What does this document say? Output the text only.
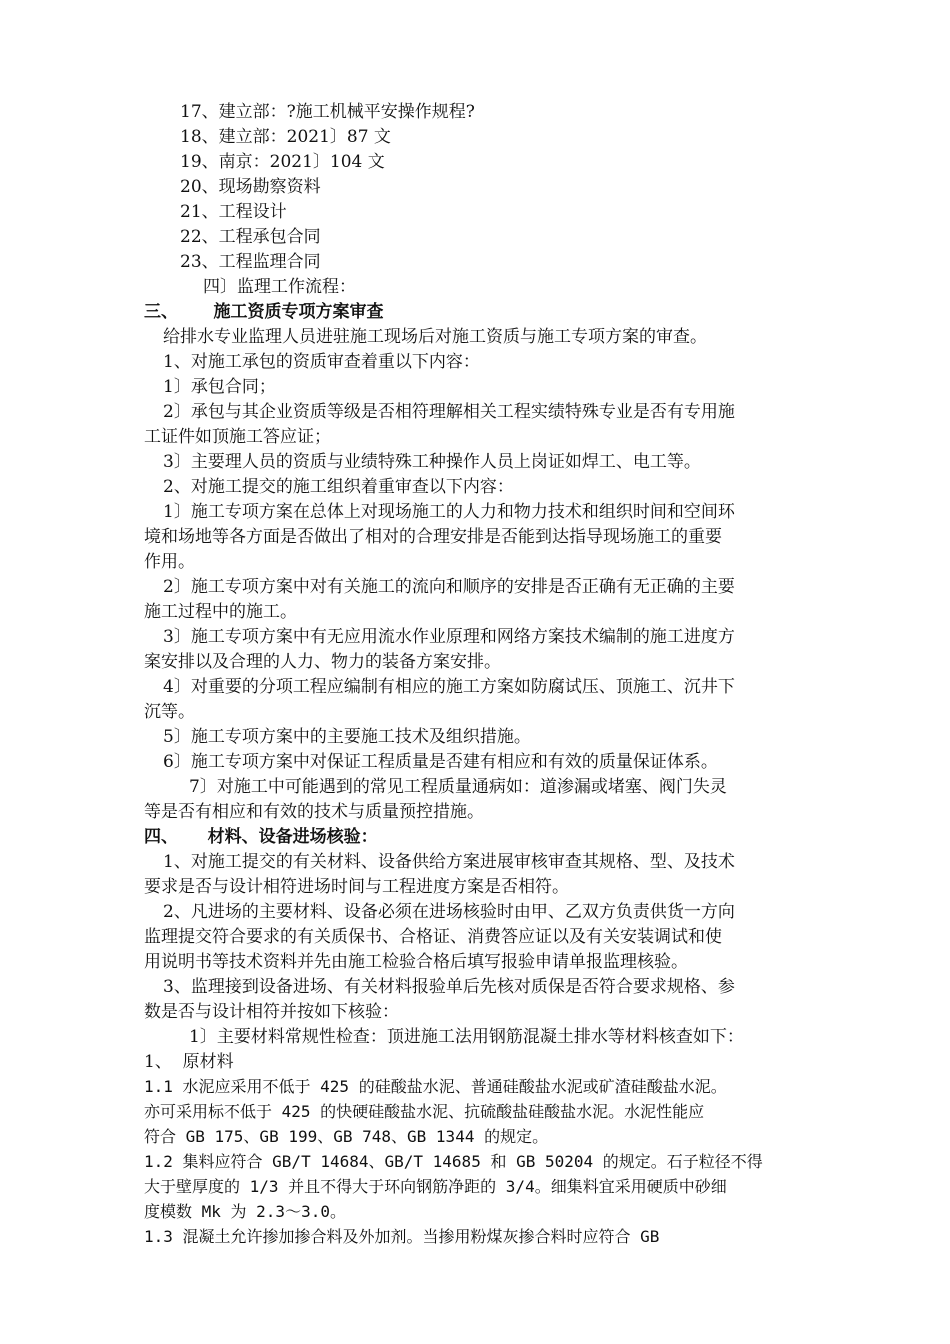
17、建立部：?施工机械平安操作规程?
18、建立部：2021〕87 文
19、南京：2021〕104 文
20、现场勘察资料
21、工程设计
22、工程承包合同
23、工程监理合同
四〕监理工作流程：
三、      施工资质专项方案审查
给排水专业监理人员进驻施工现场后对施工资质与施工专项方案的审查。
1、对施工承包的资质审查着重以下内容：
1〕承包合同；
2〕承包与其企业资质等级是否相符理解相关工程实绩特殊专业是否有专用施
工证件如顶施工答应证；
3〕主要理人员的资质与业绩特殊工种操作人员上岗证如焊工、电工等。
2、对施工提交的施工组织着重审查以下内容：
1〕施工专项方案在总体上对现场施工的人力和物力技术和组织时间和空间环
境和场地等各方面是否做出了相对的合理安排是否能到达指导现场施工的重要
作用。
2〕施工专项方案中对有关施工的流向和顺序的安排是否正确有无正确的主要
施工过程中的施工。
3〕施工专项方案中有无应用流水作业原理和网络方案技术编制的施工进度方
案安排以及合理的人力、物力的装备方案安排。
4〕对重要的分项工程应编制有相应的施工方案如防腐试压、顶施工、沉井下
沉等。
5〕施工专项方案中的主要施工技术及组织措施。
6〕施工专项方案中对保证工程质量是否建有相应和有效的质量保证体系。
7〕对施工中可能遇到的常见工程质量通病如：道渗漏或堵塞、阀门失灵
等是否有相应和有效的技术与质量预控措施。
四、     材料、设备进场核验：
1、对施工提交的有关材料、设备供给方案进展审核审查其规格、型、及技术
要求是否与设计相符进场时间与工程进度方案是否相符。
2、凡进场的主要材料、设备必须在进场核验时由甲、乙双方负责供货一方向
监理提交符合要求的有关质保书、合格证、消费答应证以及有关安装调试和使
用说明书等技术资料并先由施工检验合格后填写报验申请单报监理核验。
3、监理接到设备进场、有关材料报验单后先核对质保是否符合要求规格、参
数是否与设计相符并按如下核验：
1〕主要材料常规性检查：顶进施工法用钢筋混凝土排水等材料核查如下：
1、  原材料
1.1 水泥应采用不低于 425 的硅酸盐水泥、普通硅酸盐水泥或矿渣硅酸盐水泥。
亦可采用标不低于 425 的快硬硅酸盐水泥、抗硫酸盐硅酸盐水泥。水泥性能应
符合 GB 175、GB 199、GB 748、GB 1344 的规定。
1.2 集料应符合 GB/T 14684、GB/T 14685 和 GB 50204 的规定。石子粒径不得
大于壁厚度的 1/3 并且不得大于环向钢筋净距的 3/4。细集料宜采用硬质中砂细
度模数 Mk 为 2.3～3.0。
1.3 混凝土允许掺加掺合料及外加剂。当掺用粉煤灰掺合料时应符合 GB
